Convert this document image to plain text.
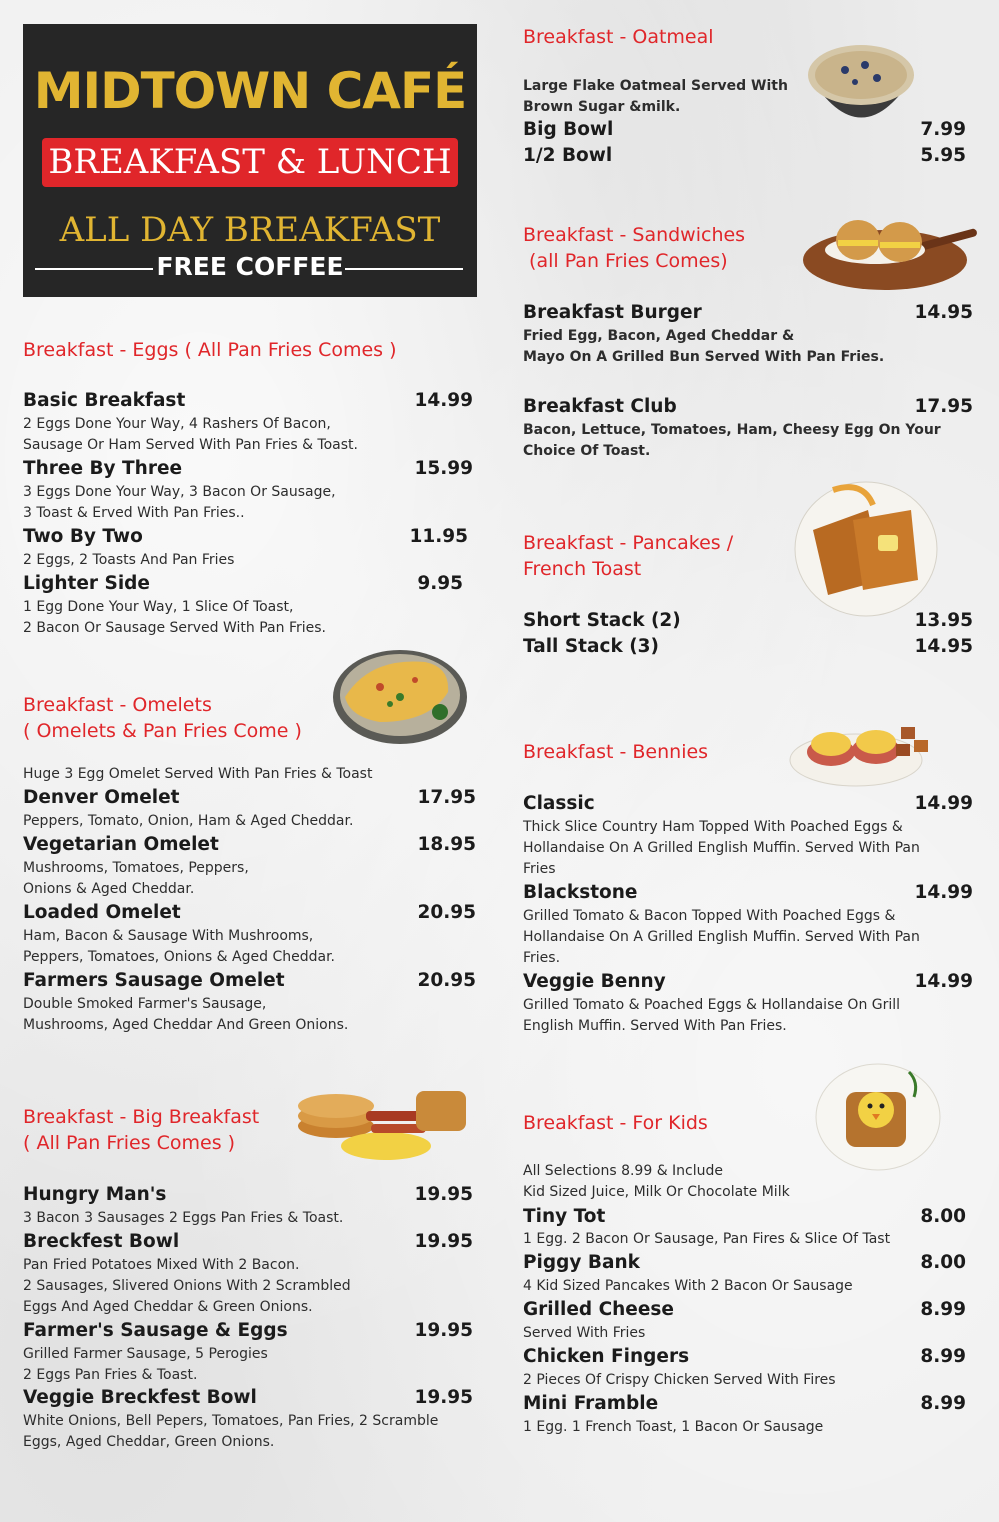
MIDTOWN CAFÉ
BREAKFAST & LUNCH
ALL DAY BREAKFAST
FREE COFFEE
Breakfast - Eggs ( All Pan Fries Comes )
Basic Breakfast	14.99
2 Eggs Done Your Way, 4 Rashers Of Bacon,
Sausage Or Ham Served With Pan Fries & Toast.
Three By Three	15.99
3 Eggs Done Your Way, 3 Bacon Or Sausage,
3 Toast & Erved With Pan Fries..
Two By Two	11.95
2 Eggs, 2 Toasts And Pan Fries
Lighter Side	9.95
1 Egg Done Your Way, 1 Slice Of Toast,
2 Bacon Or Sausage Served With Pan Fries.
Breakfast - Omelets
( Omelets & Pan Fries Come )
Huge 3 Egg Omelet Served With Pan Fries & Toast
Denver Omelet	17.95
Peppers, Tomato, Onion, Ham & Aged Cheddar.
Vegetarian Omelet	18.95
Mushrooms, Tomatoes, Peppers,
Onions & Aged Cheddar.
Loaded Omelet	20.95
Ham, Bacon & Sausage With Mushrooms,
Peppers, Tomatoes, Onions & Aged Cheddar.
Farmers Sausage Omelet	20.95
Double Smoked Farmer's Sausage,
Mushrooms, Aged Cheddar And Green Onions.
Breakfast - Big Breakfast
( All Pan Fries Comes )
Hungry Man's	19.95
3 Bacon 3 Sausages 2 Eggs Pan Fries & Toast.
Breckfest Bowl	19.95
Pan Fried Potatoes Mixed With 2 Bacon.
2 Sausages, Slivered Onions With 2 Scrambled
Eggs And Aged Cheddar & Green Onions.
Farmer's Sausage & Eggs	19.95
Grilled Farmer Sausage, 5 Perogies
2 Eggs Pan Fries & Toast.
Veggie Breckfest Bowl	19.95
White Onions, Bell Pepers, Tomatoes, Pan Fries, 2 Scramble
Eggs, Aged Cheddar, Green Onions.
Breakfast - Oatmeal
Large Flake Oatmeal Served With
Brown Sugar &milk.
Big Bowl	7.99
1/2 Bowl	5.95
Breakfast - Sandwiches
(all Pan Fries Comes)
Breakfast Burger	14.95
Fried Egg, Bacon, Aged Cheddar &
Mayo On A Grilled Bun Served With Pan Fries.
Breakfast Club	17.95
Bacon, Lettuce, Tomatoes, Ham, Cheesy Egg On Your
Choice Of Toast.
Breakfast - Pancakes /
French Toast
Short Stack (2)	13.95
Tall Stack (3)	14.95
Breakfast - Bennies
Classic	14.99
Thick Slice Country Ham Topped With Poached Eggs &
Hollandaise On A Grilled English Muffin. Served With Pan
Fries
Blackstone	14.99
Grilled Tomato & Bacon Topped With Poached Eggs &
Hollandaise On A Grilled English Muffin. Served With Pan
Fries.
Veggie Benny	14.99
Grilled Tomato & Poached Eggs & Hollandaise On Grill
English Muffin. Served With Pan Fries.
Breakfast - For Kids
All Selections 8.99 & Include
Kid Sized Juice, Milk Or Chocolate Milk
Tiny Tot	8.00
1 Egg. 2 Bacon Or Sausage, Pan Fires & Slice Of Tast
Piggy Bank	8.00
4 Kid Sized Pancakes With 2 Bacon Or Sausage
Grilled Cheese	8.99
Served With Fries
Chicken Fingers	8.99
2 Pieces Of Crispy Chicken Served With Fires
Mini Framble	8.99
1 Egg. 1 French Toast, 1 Bacon Or Sausage
